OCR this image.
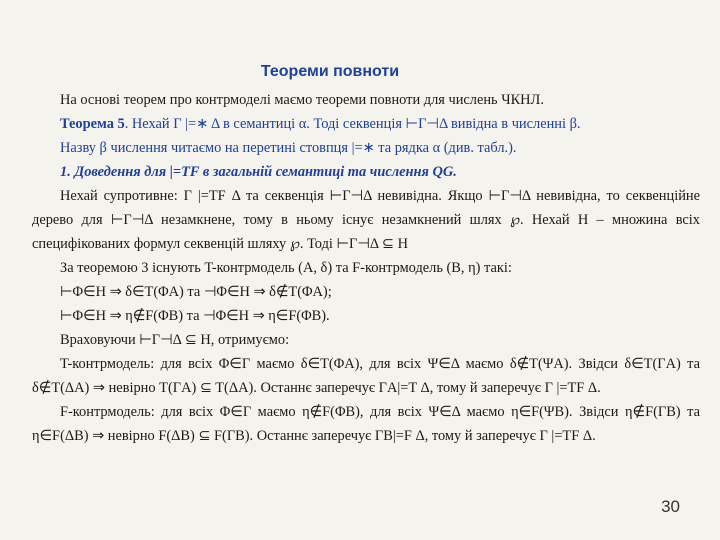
Теореми повноти

На основі теорем про контрмоделі маємо теореми повноти для числень ЧКНЛ.

Теорема 5. Нехай Γ |=∗ Δ в семантиці α. Тоді секвенція ⊢Γ⊣Δ вивідна в численні β.

Назву β числення читаємо на перетині стовпця |=∗ та рядка α (див. табл.).

1. Доведення для |=TF в загальній семантиці та числення QG.

Нехай супротивне: Γ |=TF Δ та секвенція ⊢Γ⊣Δ невивідна. Якщо ⊢Γ⊣Δ невивідна, то секвенційне дерево для ⊢Γ⊣Δ незамкнене, тому в ньому існує незамкнений шлях ℘. Нехай H – множина всіх специфікованих формул секвенцій шляху ℘. Тоді ⊢Γ⊣Δ ⊆ H

За теоремою 3 існують T-контрмодель (A, δ) та F-контрмодель (B, η) такі:

⊢Φ∈H ⇒ δ∈T(ΦA) та ⊣Φ∈H ⇒ δ∉T(ΦA);

⊢Φ∈H ⇒ η∉F(ΦB) та ⊣Φ∈H ⇒ η∈F(ΦB).

Враховуючи ⊢Γ⊣Δ ⊆ H, отримуємо:

T-контрмодель: для всіх Φ∈Γ маємо δ∈T(ΦA), для всіх Ψ∈Δ маємо δ∉T(ΨA). Звідси δ∈T(ΓA) та δ∉T(ΔA) ⇒ невірно T(ΓA) ⊆ T(ΔA). Останнє заперечує ΓA|=T Δ, тому й заперечує Γ |=TF Δ.

F-контрмодель: для всіх Φ∈Γ маємо η∉F(ΦB), для всіх Ψ∈Δ маємо η∈F(ΨB). Звідси η∉F(ΓB) та η∈F(ΔB) ⇒ невірно F(ΔB) ⊆ F(ΓB). Останнє заперечує ΓB|=F Δ, тому й заперечує Γ |=TF Δ.

30
